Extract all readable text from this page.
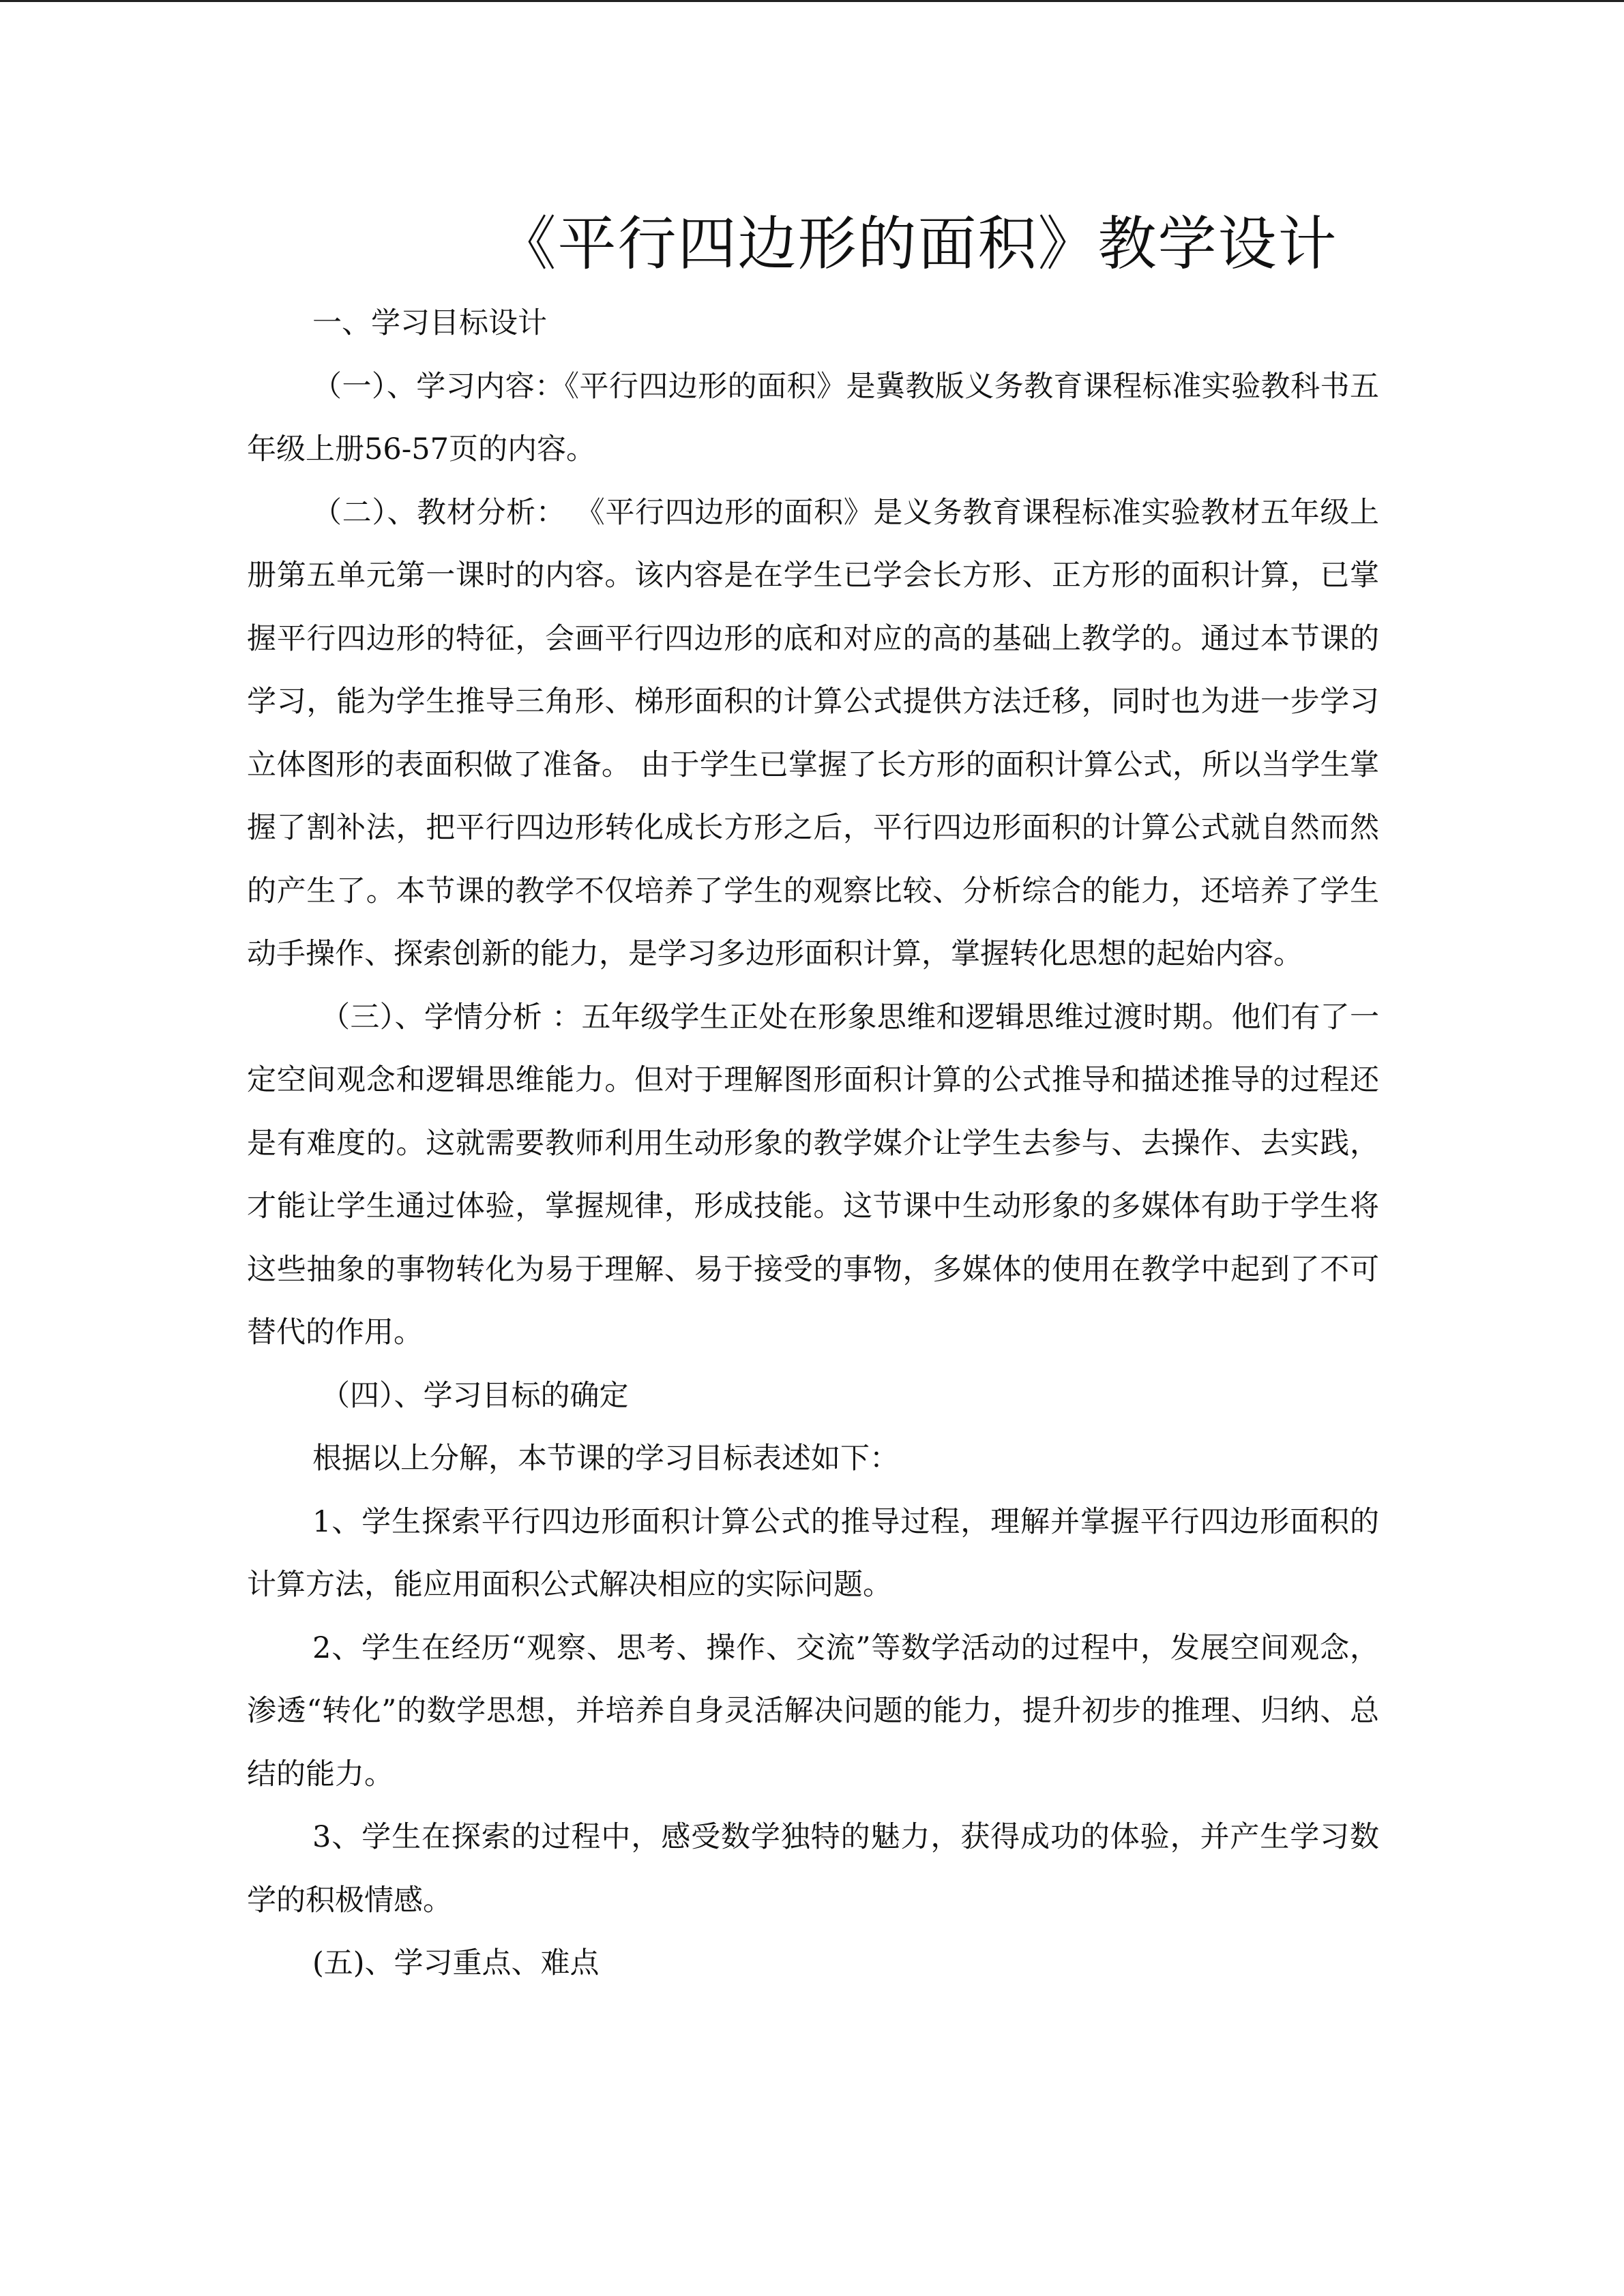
《平行四边形的面积》教学设计

一、学习目标设计

（一）、学习内容：《平行四边形的面积》是冀教版义务教育课程标准实验教科书五年级上册56-57页的内容。

（二）、教材分析： 《平行四边形的面积》是义务教育课程标准实验教材五年级上册第五单元第一课时的内容。该内容是在学生已学会长方形、正方形的面积计算，已掌握平行四边形的特征，会画平行四边形的底和对应的高的基础上教学的。通过本节课的学习，能为学生推导三角形、梯形面积的计算公式提供方法迁移，同时也为进一步学习立体图形的表面积做了准备。 由于学生已掌握了长方形的面积计算公式，所以当学生掌握了割补法，把平行四边形转化成长方形之后，平行四边形面积的计算公式就自然而然的产生了。本节课的教学不仅培养了学生的观察比较、分析综合的能力，还培养了学生动手操作、探索创新的能力，是学习多边形面积计算，掌握转化思想的起始内容。

（三）、学情分析 ：五年级学生正处在形象思维和逻辑思维过渡时期。他们有了一定空间观念和逻辑思维能力。但对于理解图形面积计算的公式推导和描述推导的过程还是有难度的。这就需要教师利用生动形象的教学媒介让学生去参与、去操作、去实践，才能让学生通过体验，掌握规律，形成技能。这节课中生动形象的多媒体有助于学生将这些抽象的事物转化为易于理解、易于接受的事物，多媒体的使用在教学中起到了不可替代的作用。

（四）、学习目标的确定

根据以上分解，本节课的学习目标表述如下：

1、学生探索平行四边形面积计算公式的推导过程，理解并掌握平行四边形面积的计算方法，能应用面积公式解决相应的实际问题。

2、学生在经历“观察、思考、操作、交流”等数学活动的过程中，发展空间观念，渗透“转化”的数学思想，并培养自身灵活解决问题的能力，提升初步的推理、归纳、总结的能力。

3、学生在探索的过程中，感受数学独特的魅力，获得成功的体验，并产生学习数学的积极情感。

(五)、学习重点、难点
